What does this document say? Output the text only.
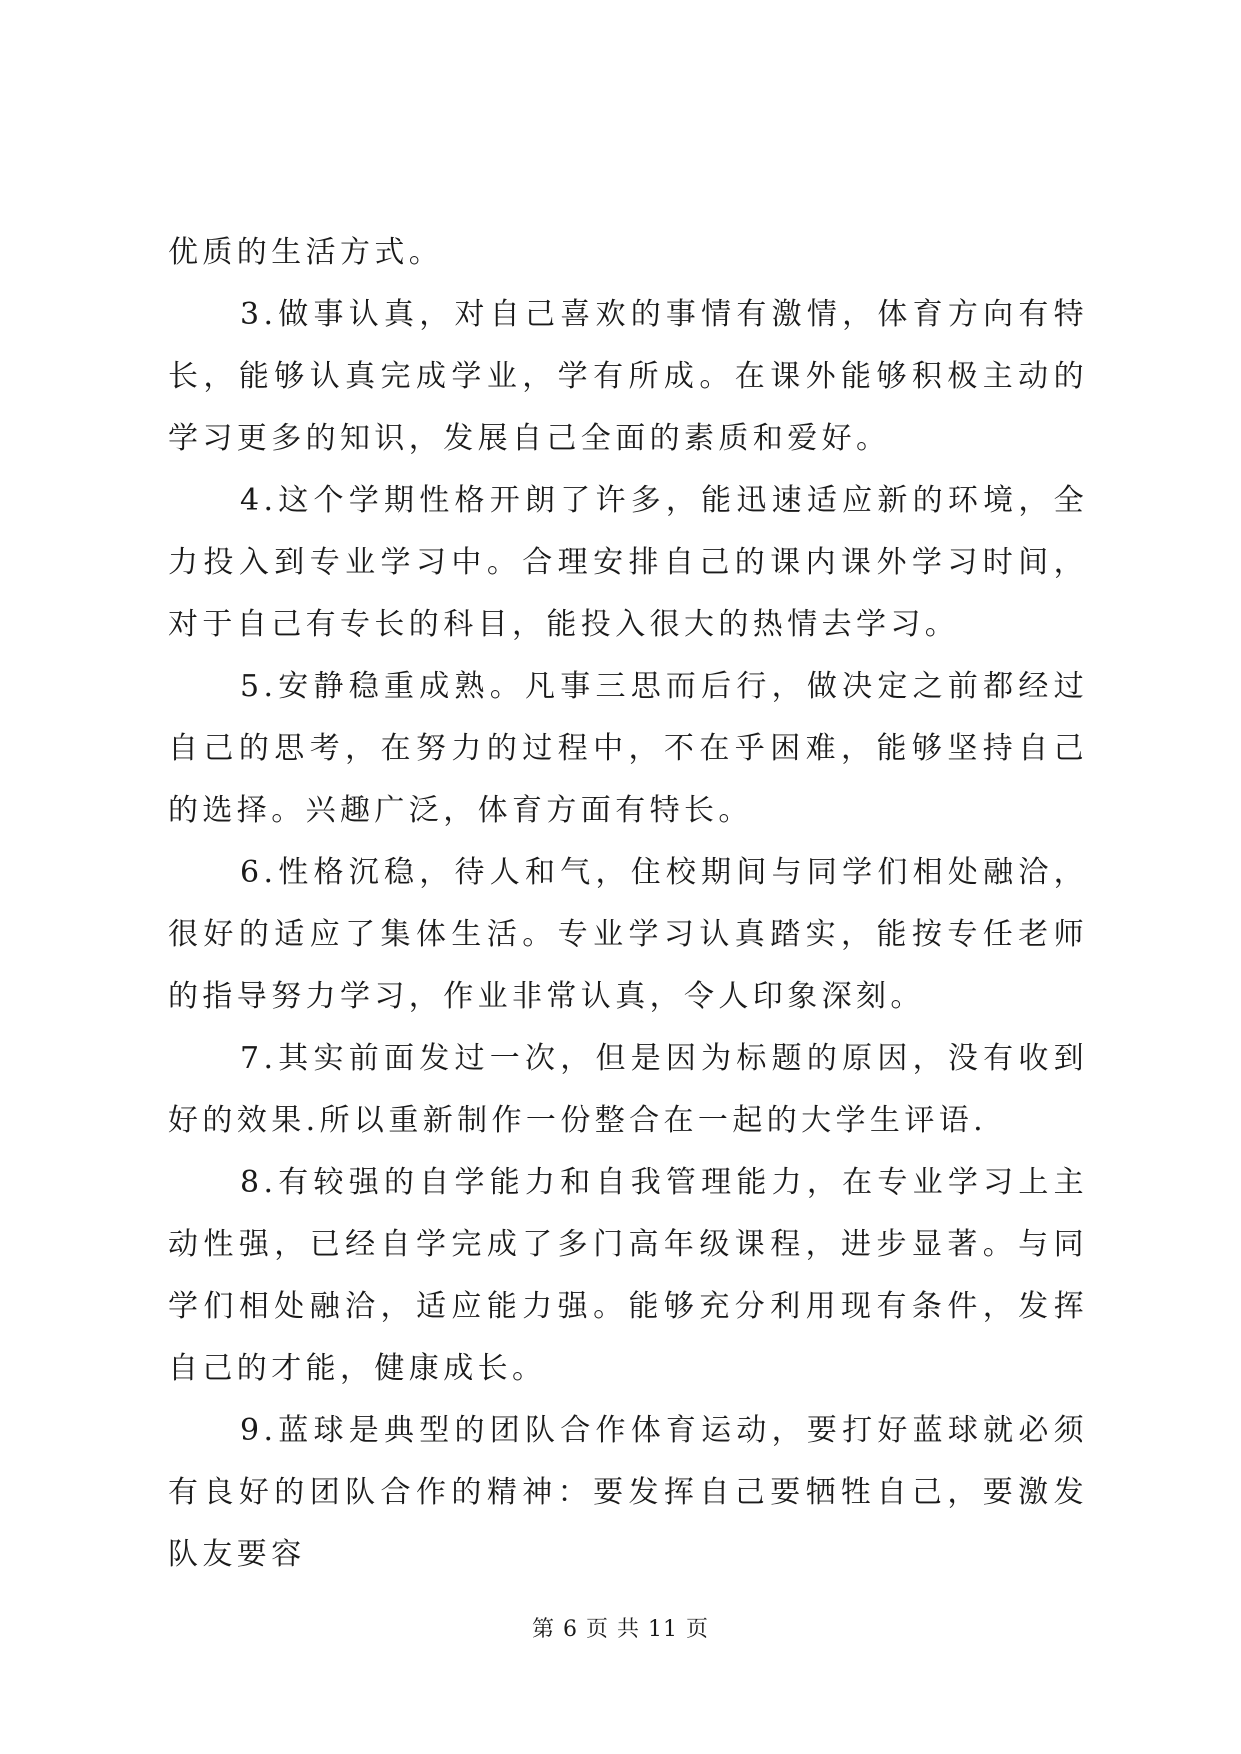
优质的生活方式。

3.做事认真，对自己喜欢的事情有激情，体育方向有特长，能够认真完成学业，学有所成。在课外能够积极主动的学习更多的知识，发展自己全面的素质和爱好。

4.这个学期性格开朗了许多，能迅速适应新的环境，全力投入到专业学习中。合理安排自己的课内课外学习时间，对于自己有专长的科目，能投入很大的热情去学习。

5.安静稳重成熟。凡事三思而后行，做决定之前都经过自己的思考，在努力的过程中，不在乎困难，能够坚持自己的选择。兴趣广泛，体育方面有特长。

6.性格沉稳，待人和气，住校期间与同学们相处融洽，很好的适应了集体生活。专业学习认真踏实，能按专任老师的指导努力学习，作业非常认真，令人印象深刻。

7.其实前面发过一次，但是因为标题的原因，没有收到好的效果.所以重新制作一份整合在一起的大学生评语.

8.有较强的自学能力和自我管理能力，在专业学习上主动性强，已经自学完成了多门高年级课程，进步显著。与同学们相处融洽，适应能力强。能够充分利用现有条件，发挥自己的才能，健康成长。

9.蓝球是典型的团队合作体育运动，要打好蓝球就必须有良好的团队合作的精神：要发挥自己要牺牲自己，要激发队友要容

第 6 页 共 11 页
